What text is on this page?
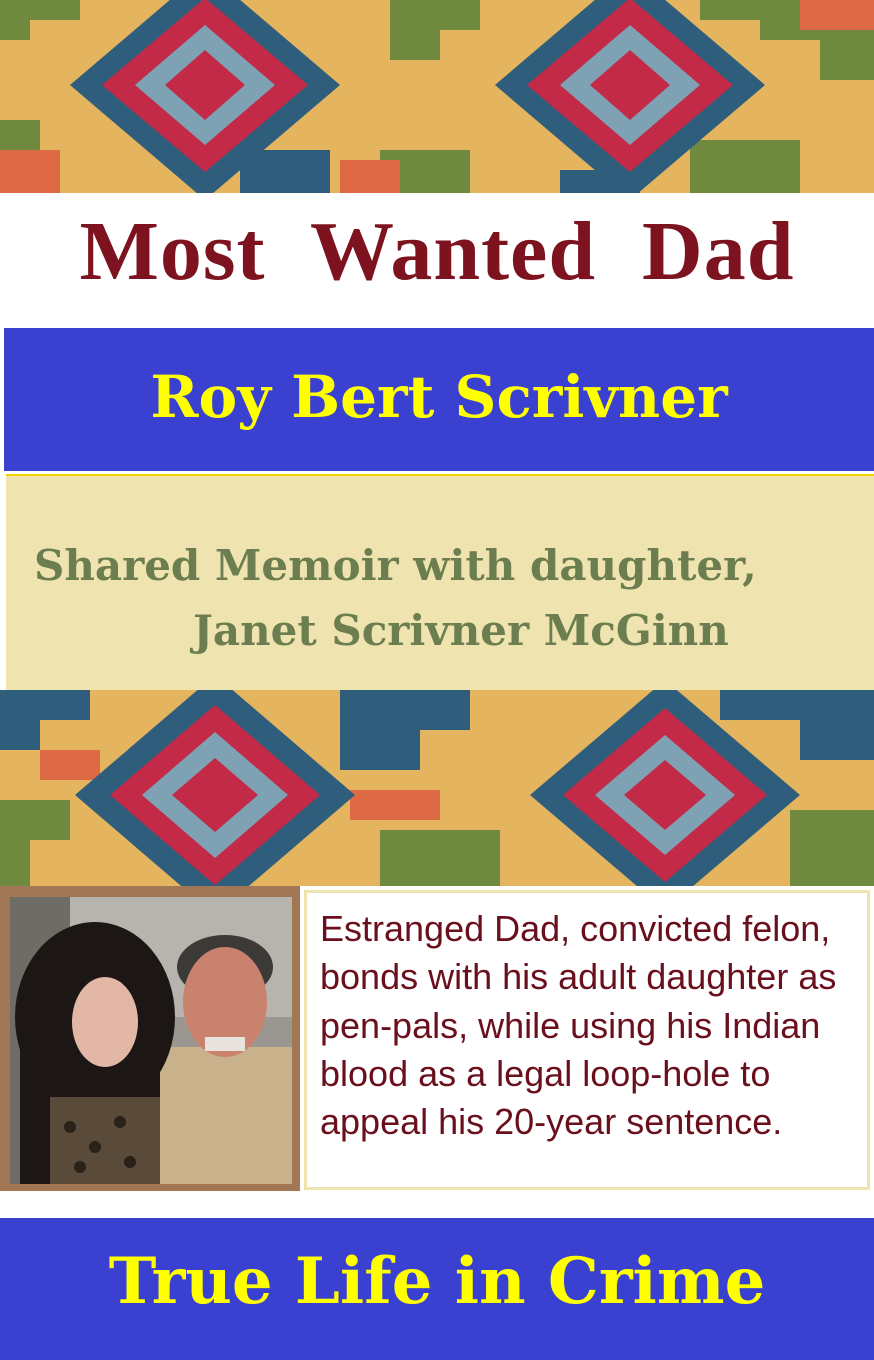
Most Wanted Dad
Roy Bert Scrivner

Shared Memoir with daughter,

Janet Scrivner McGinn

Estranged Dad, convicted felon, bonds with his adult daughter as pen-pals, while using his Indian blood as a legal loop-hole to appeal his 20-year sentence.

True Life in Crime
